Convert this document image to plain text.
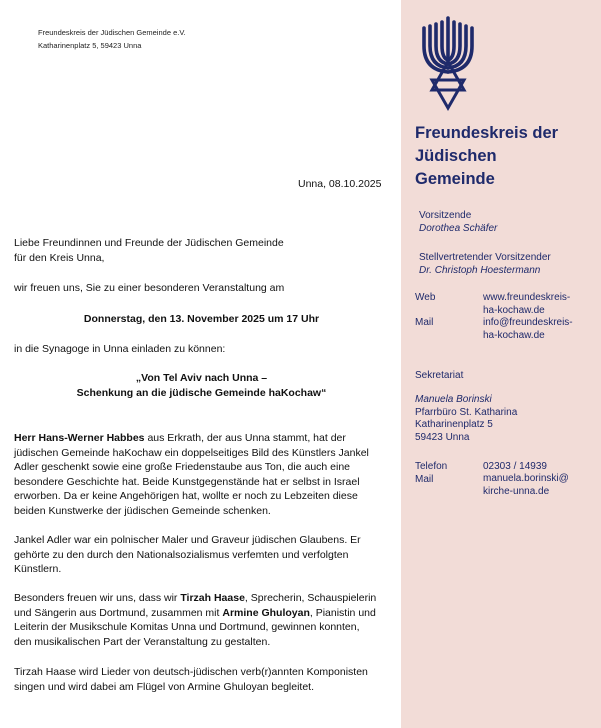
Freundeskreis der Jüdischen Gemeinde e.V.
Katharinenplatz 5, 59423 Unna
Unna, 08.10.2025
Liebe Freundinnen und Freunde der Jüdischen Gemeinde
für den Kreis Unna,
wir freuen uns, Sie zu einer besonderen Veranstaltung am
Donnerstag, den 13. November 2025 um 17 Uhr
in die Synagoge in Unna einladen zu können:
„Von Tel Aviv nach Unna –
Schenkung an die jüdische Gemeinde haKochaw“
Herr Hans-Werner Habbes aus Erkrath, der aus Unna stammt, hat der
jüdischen Gemeinde haKochaw ein doppelseitiges Bild des Künstlers Jankel
Adler geschenkt sowie eine große Friedenstaube aus Ton, die auch eine
besondere Geschichte hat. Beide Kunstgegenstände hat er selbst in Israel
erworben. Da er keine Angehörigen hat, wollte er noch zu Lebzeiten diese
beiden Kunstwerke der jüdischen Gemeinde schenken.
Jankel Adler war ein polnischer Maler und Graveur jüdischen Glaubens. Er
gehörte zu den durch den Nationalsozialismus verfemten und verfolgten
Künstlern.
Besonders freuen wir uns, dass wir Tirzah Haase, Sprecherin, Schauspielerin
und Sängerin aus Dortmund, zusammen mit Armine Ghuloyan, Pianistin und
Leiterin der Musikschule Komitas Unna und Dortmund, gewinnen konnten,
den musikalischen Part der Veranstaltung zu gestalten.
Tirzah Haase wird Lieder von deutsch-jüdischen verb(r)annten Komponisten
singen und wird dabei am Flügel von Armine Ghuloyan begleitet.
Freundeskreis der
Jüdischen
Gemeinde
Vorsitzende
Dorothea Schäfer
Stellvertretender Vorsitzender
Dr. Christoph Hoestermann
Web	www.freundeskreis-
ha-kochaw.de
Mail	info@freundeskreis-
ha-kochaw.de
Sekretariat
Manuela Borinski
Pfarrbüro St. Katharina
Katharinenplatz 5
59423 Unna
Telefon
Mail
02303 / 14939
manuela.borinski@
kirche-unna.de
